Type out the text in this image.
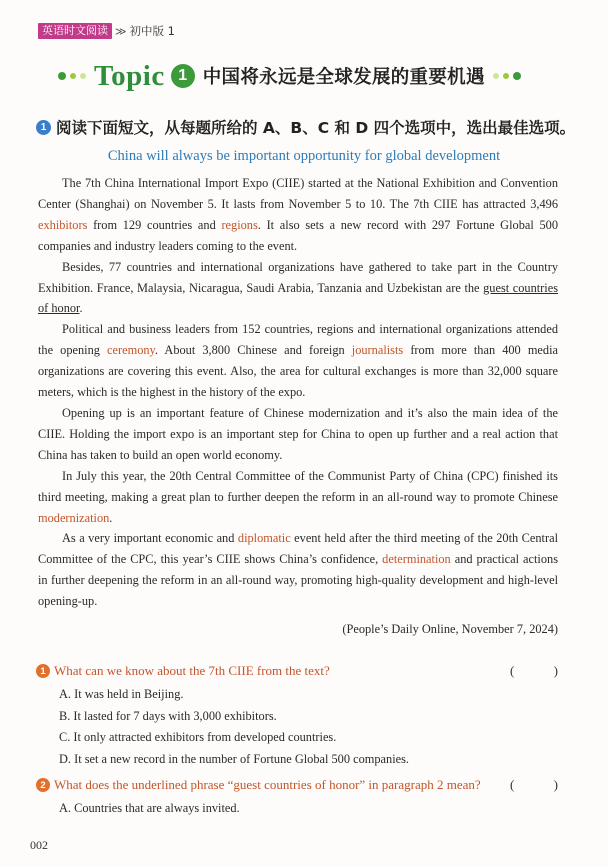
英语时文阅读 ≫ 初中版 1
Topic 1 中国将永远是全球发展的重要机遇
1 阅读下面短文，从每题所给的 A、B、C 和 D 四个选项中，选出最佳选项。
China will always be important opportunity for global development

The 7th China International Import Expo (CIIE) started at the National Exhibition and Convention Center (Shanghai) on November 5. It lasts from November 5 to 10. The 7th CIIE has attracted 3,496 exhibitors from 129 countries and regions. It also sets a new record with 297 Fortune Global 500 companies and industry leaders coming to the event.

Besides, 77 countries and international organizations have gathered to take part in the Country Exhibition. France, Malaysia, Nicaragua, Saudi Arabia, Tanzania and Uzbekistan are the guest countries of honor.

Political and business leaders from 152 countries, regions and international organizations attended the opening ceremony. About 3,800 Chinese and foreign journalists from more than 400 media organizations are covering this event. Also, the area for cultural exchanges is more than 32,000 square meters, which is the highest in the history of the expo.

Opening up is an important feature of Chinese modernization and it’s also the main idea of the CIIE. Holding the import expo is an important step for China to open up further and a real action that China has taken to build an open world economy.

In July this year, the 20th Central Committee of the Communist Party of China (CPC) finished its third meeting, making a great plan to further deepen the reform in an all-round way to promote Chinese modernization.

As a very important economic and diplomatic event held after the third meeting of the 20th Central Committee of the CPC, this year’s CIIE shows China’s confidence, determination and practical actions in further deepening the reform in an all-round way, promoting high-quality development and high-level opening-up.

(People’s Daily Online, November 7, 2024)
1 What can we know about the 7th CIIE from the text?	(	)
A. It was held in Beijing.
B. It lasted for 7 days with 3,000 exhibitors.
C. It only attracted exhibitors from developed countries.
D. It set a new record in the number of Fortune Global 500 companies.
2 What does the underlined phrase “guest countries of honor” in paragraph 2 mean?	(	)
A. Countries that are always invited.
002
